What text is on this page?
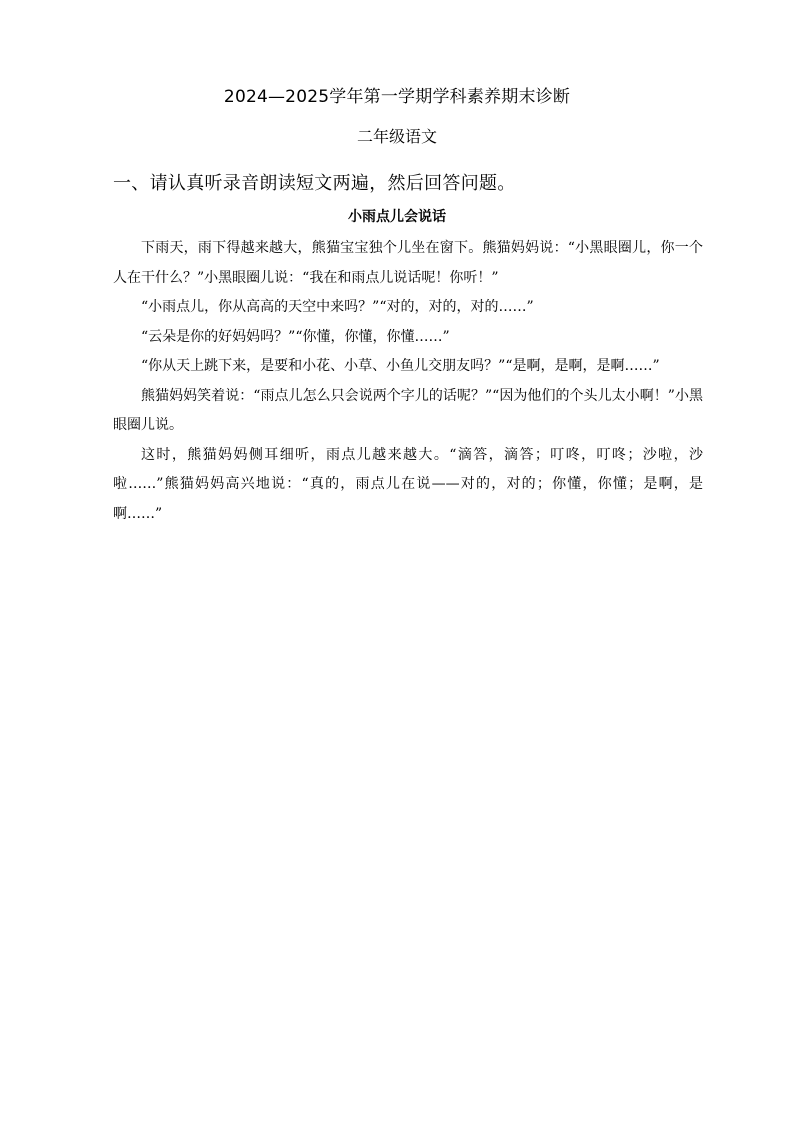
2024—2025学年第一学期学科素养期末诊断
二年级语文
一、请认真听录音朗读短文两遍，然后回答问题。
小雨点儿会说话

下雨天，雨下得越来越大，熊猫宝宝独个儿坐在窗下。熊猫妈妈说：“小黑眼圈儿，你一个人在干什么？”小黑眼圈儿说：“我在和雨点儿说话呢！你听！”

“小雨点儿，你从高高的天空中来吗？”“对的，对的，对的……”

“云朵是你的好妈妈吗？”“你懂，你懂，你懂……”

“你从天上跳下来，是要和小花、小草、小鱼儿交朋友吗？”“是啊，是啊，是啊……”

熊猫妈妈笑着说：“雨点儿怎么只会说两个字儿的话呢？”“因为他们的个头儿太小啊！”小黑眼圈儿说。

这时，熊猫妈妈侧耳细听，雨点儿越来越大。“滴答，滴答；叮咚，叮咚；沙啦，沙啦……”熊猫妈妈高兴地说：“真的，雨点儿在说——对的，对的；你懂，你懂；是啊，是啊……”
